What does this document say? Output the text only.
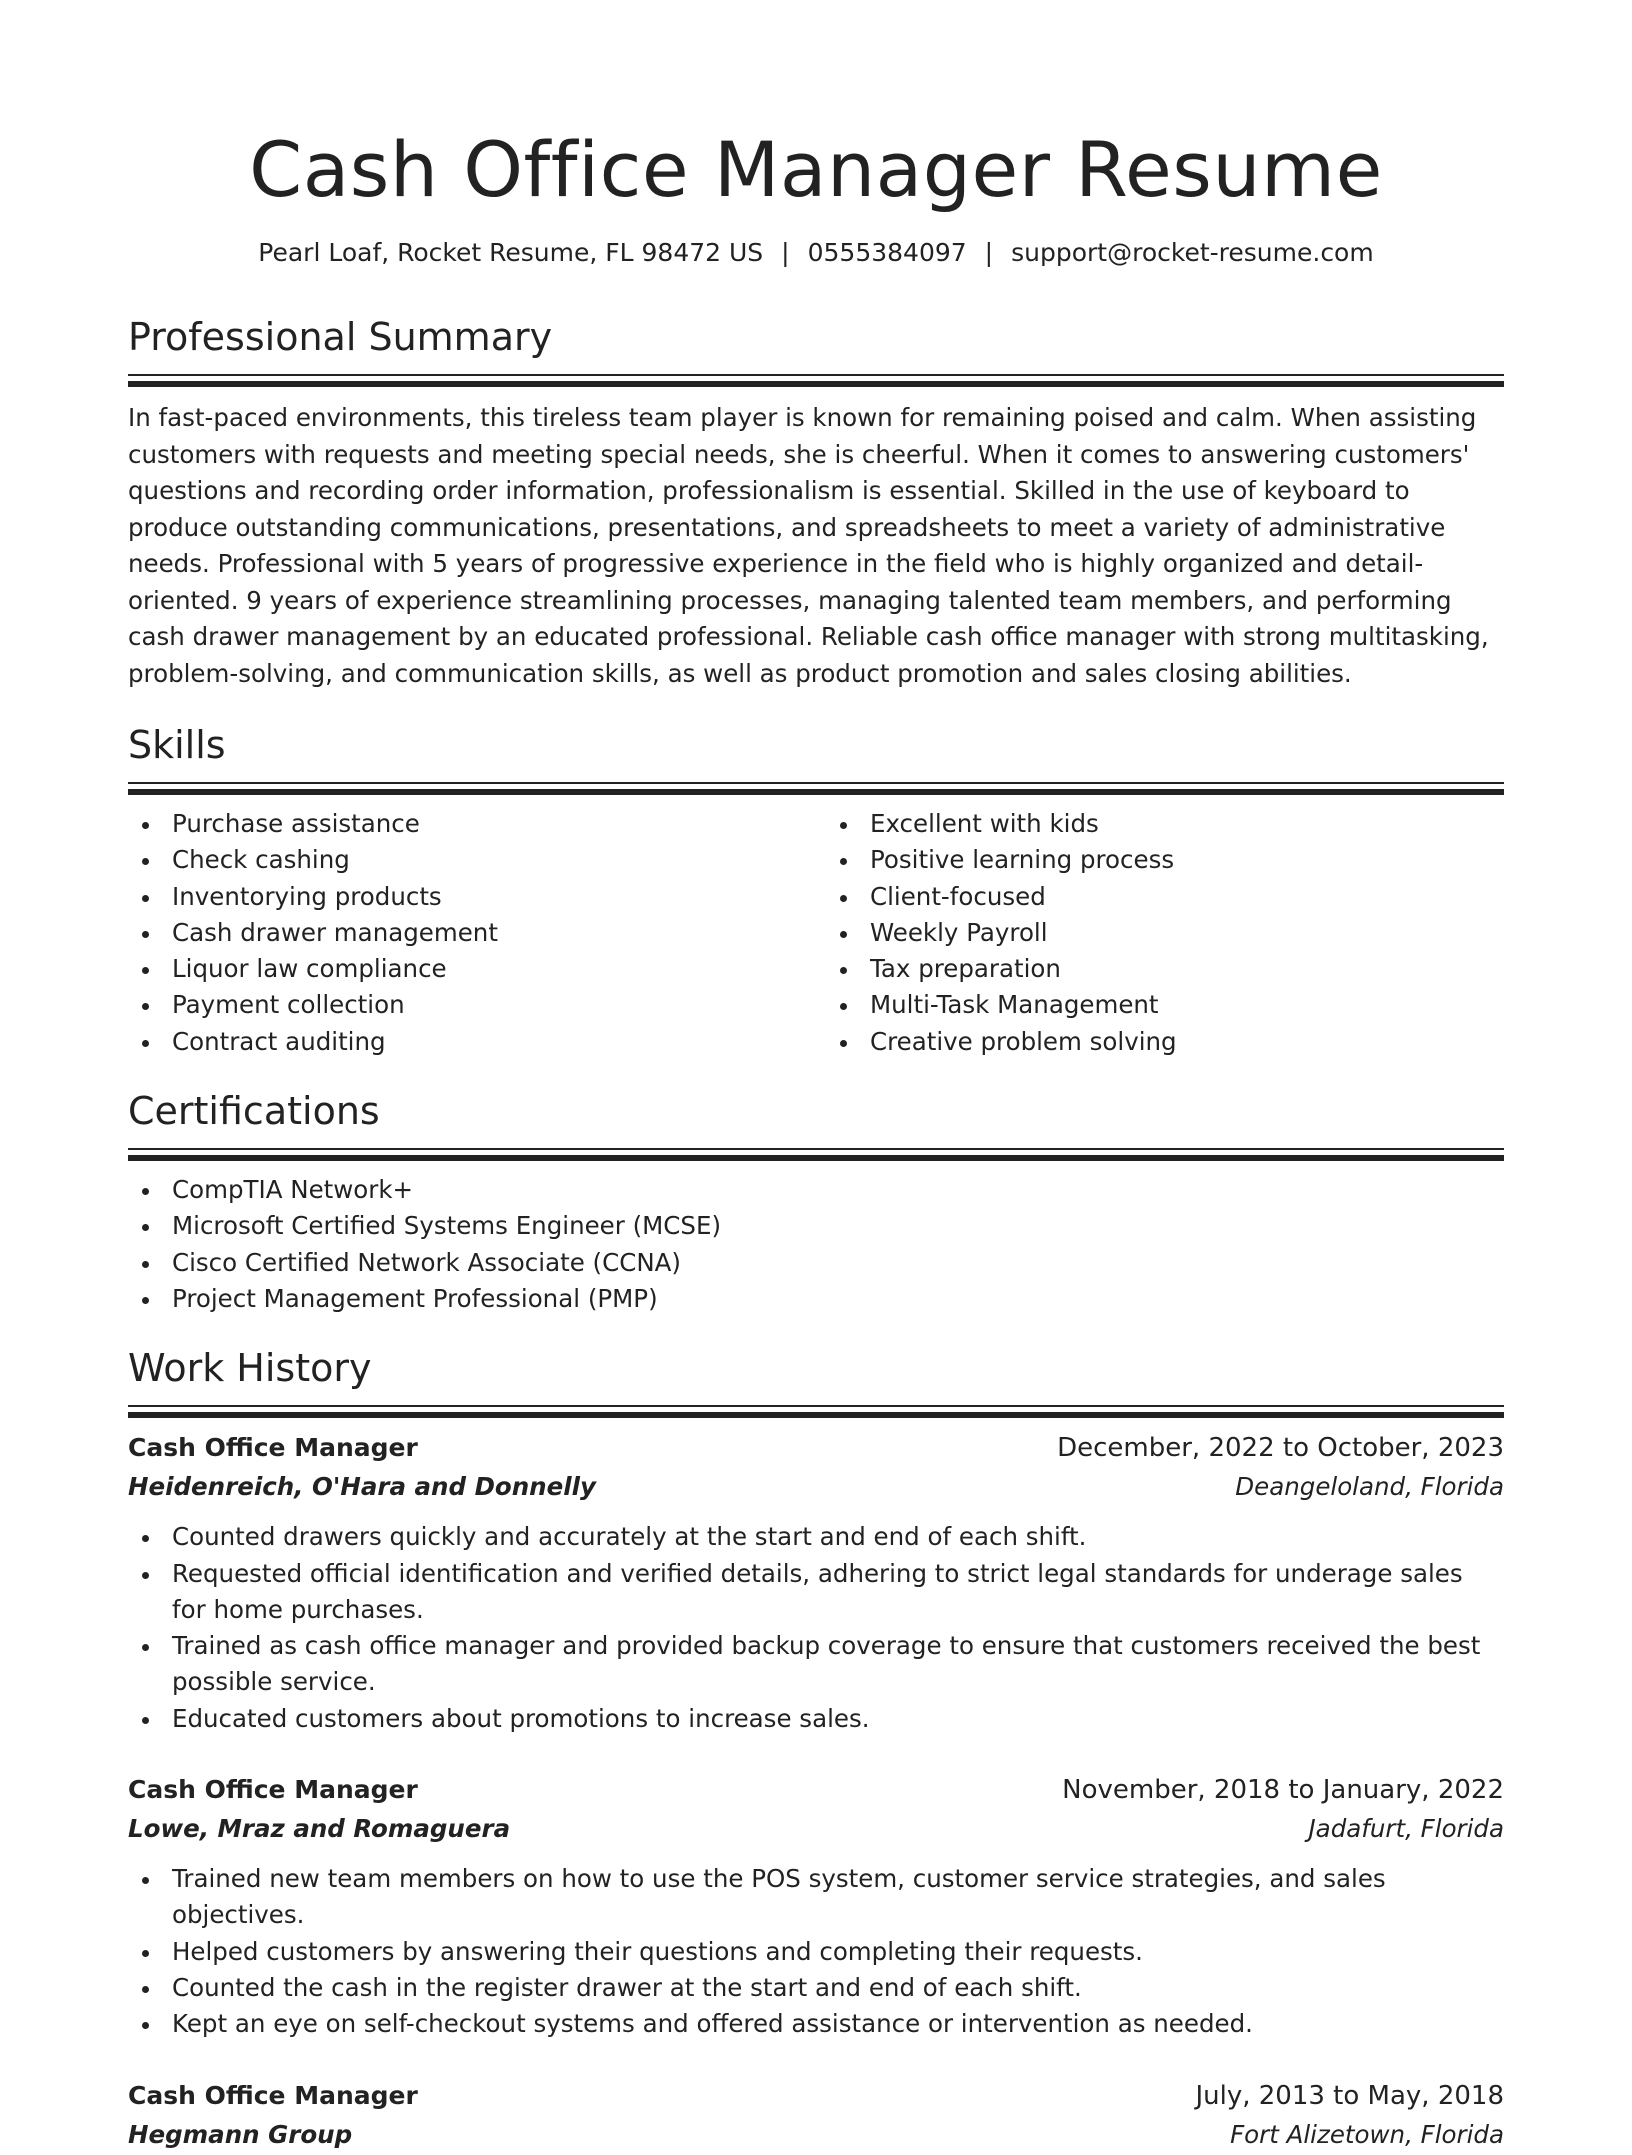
Cash Office Manager Resume
Pearl Loaf, Rocket Resume, FL 98472 US | 0555384097 | support@rocket-resume.com
Professional Summary

In fast-paced environments, this tireless team player is known for remaining poised and calm. When assisting customers with requests and meeting special needs, she is cheerful. When it comes to answering customers' questions and recording order information, professionalism is essential. Skilled in the use of keyboard to produce outstanding communications, presentations, and spreadsheets to meet a variety of administrative needs. Professional with 5 years of progressive experience in the field who is highly organized and detail-oriented. 9 years of experience streamlining processes, managing talented team members, and performing cash drawer management by an educated professional. Reliable cash office manager with strong multitasking, problem-solving, and communication skills, as well as product promotion and sales closing abilities.

Skills
Purchase assistance
Check cashing
Inventorying products
Cash drawer management
Liquor law compliance
Payment collection
Contract auditing
Excellent with kids
Positive learning process
Client-focused
Weekly Payroll
Tax preparation
Multi-Task Management
Creative problem solving
Certifications
CompTIA Network+
Microsoft Certified Systems Engineer (MCSE)
Cisco Certified Network Associate (CCNA)
Project Management Professional (PMP)
Work History
Cash Office Manager	December, 2022 to October, 2023
Heidenreich, O'Hara and Donnelly	Deangeloland, Florida
Counted drawers quickly and accurately at the start and end of each shift.
Requested official identification and verified details, adhering to strict legal standards for underage sales for home purchases.
Trained as cash office manager and provided backup coverage to ensure that customers received the best possible service.
Educated customers about promotions to increase sales.
Cash Office Manager	November, 2018 to January, 2022
Lowe, Mraz and Romaguera	Jadafurt, Florida
Trained new team members on how to use the POS system, customer service strategies, and sales objectives.
Helped customers by answering their questions and completing their requests.
Counted the cash in the register drawer at the start and end of each shift.
Kept an eye on self-checkout systems and offered assistance or intervention as needed.
Cash Office Manager	July, 2013 to May, 2018
Hegmann Group	Fort Alizetown, Florida
